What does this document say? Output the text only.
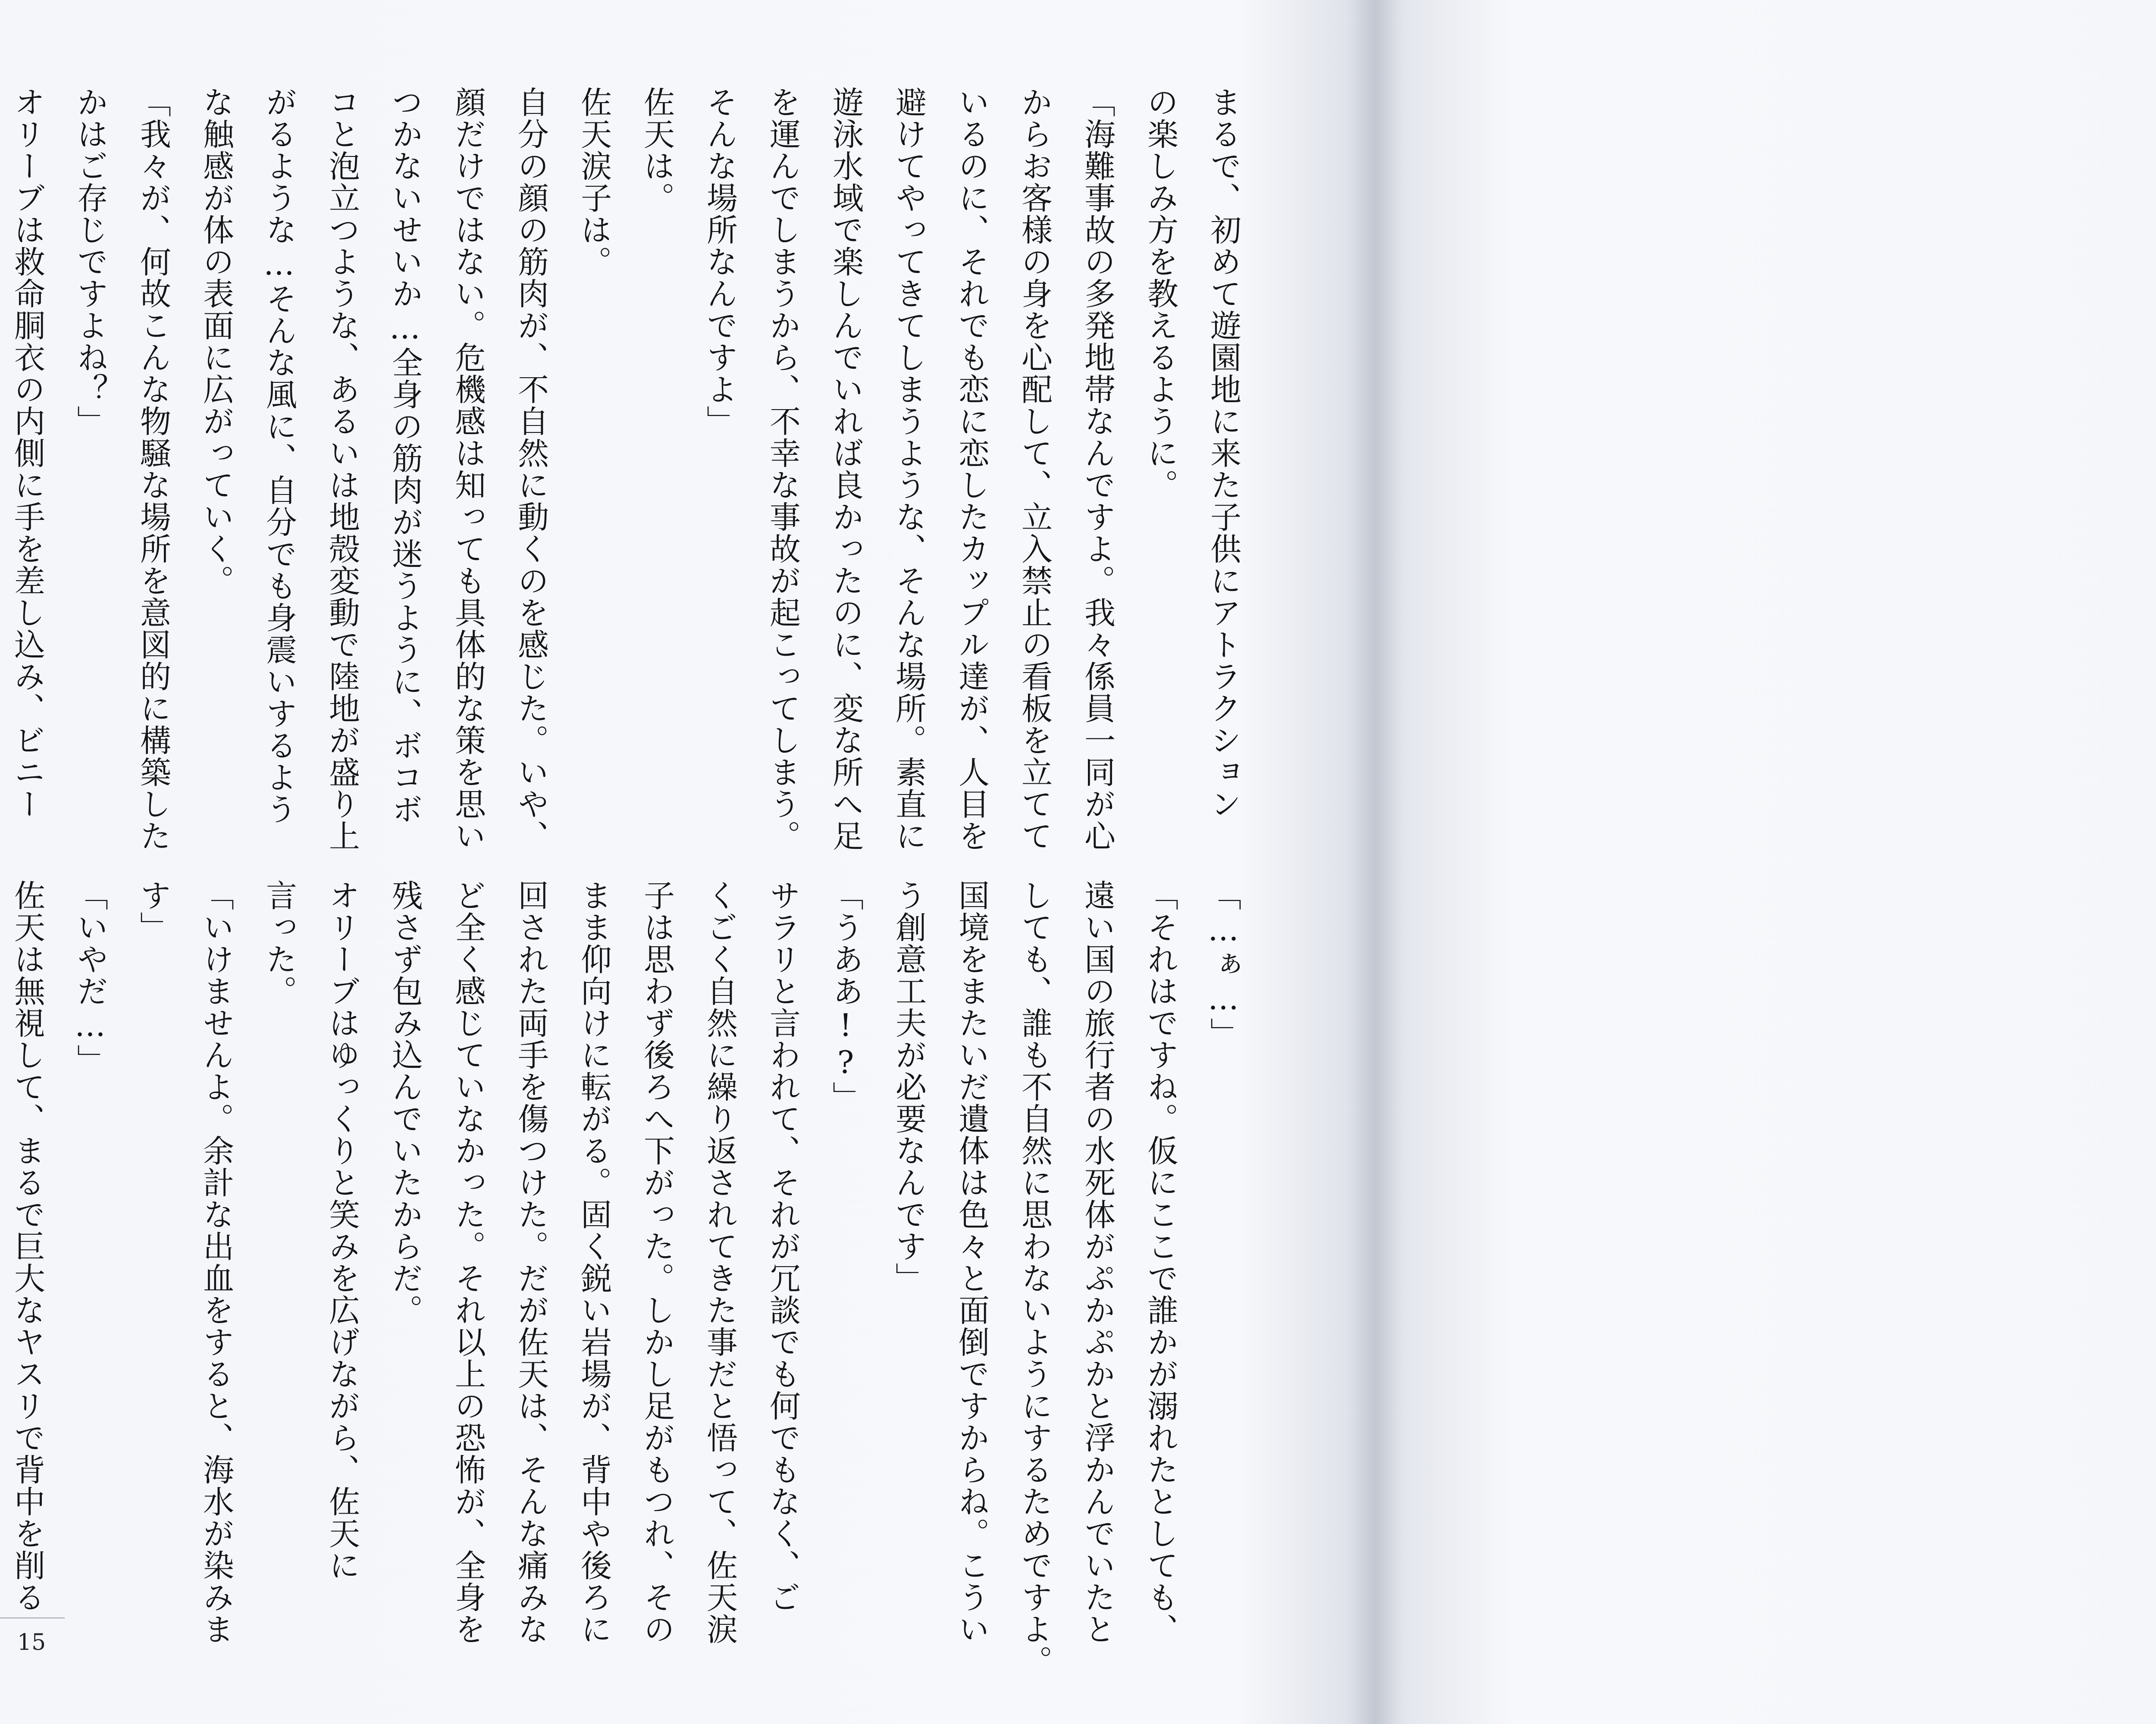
まるで、初めて遊園地に来た子供にアトラクション

の楽しみ方を教えるように。

「海難事故の多発地帯なんですよ。我々係員一同が心

からお客様の身を心配して、立入禁止の看板を立てて

いるのに、それでも恋に恋したカップル達が、人目を

避けてやってきてしまうような、そんな場所。素直に

遊泳水域で楽しんでいれば良かったのに、変な所へ足

を運んでしまうから、不幸な事故が起こってしまう。

そんな場所なんですよ」

佐天は。

佐天涙子は。

自分の顔の筋肉が、不自然に動くのを感じた。いや、

顔だけではない。危機感は知っても具体的な策を思い

つかないせいか…全身の筋肉が迷うように、ボコボ

コと泡立つような、あるいは地殻変動で陸地が盛り上

がるような…そんな風に、自分でも身震いするよう

な触感が体の表面に広がっていく。

「我々が、何故こんな物騒な場所を意図的に構築した

かはご存じですよね？」

オリーブは救命胴衣の内側に手を差し込み、ビニー

「…ぁ…」

「それはですね。仮にここで誰かが溺れたとしても、

遠い国の旅行者の水死体がぷかぷかと浮かんでいたと

しても、誰も不自然に思わないようにするためですよ。

国境をまたいだ遺体は色々と面倒ですからね。こうい

う創意工夫が必要なんです」

「うああ!?」

サラリと言われて、それが冗談でも何でもなく、ご

くごく自然に繰り返されてきた事だと悟って、佐天涙

子は思わず後ろへ下がった。しかし足がもつれ、その

まま仰向けに転がる。固く鋭い岩場が、背中や後ろに

回された両手を傷つけた。だが佐天は、そんな痛みな

ど全く感じていなかった。それ以上の恐怖が、全身を

残さず包み込んでいたからだ。

オリーブはゆっくりと笑みを広げながら、佐天に

言った。

「いけませんよ。余計な出血をすると、海水が染みま

す」

「いやだ…」

佐天は無視して、まるで巨大なヤスリで背中を削る

15
